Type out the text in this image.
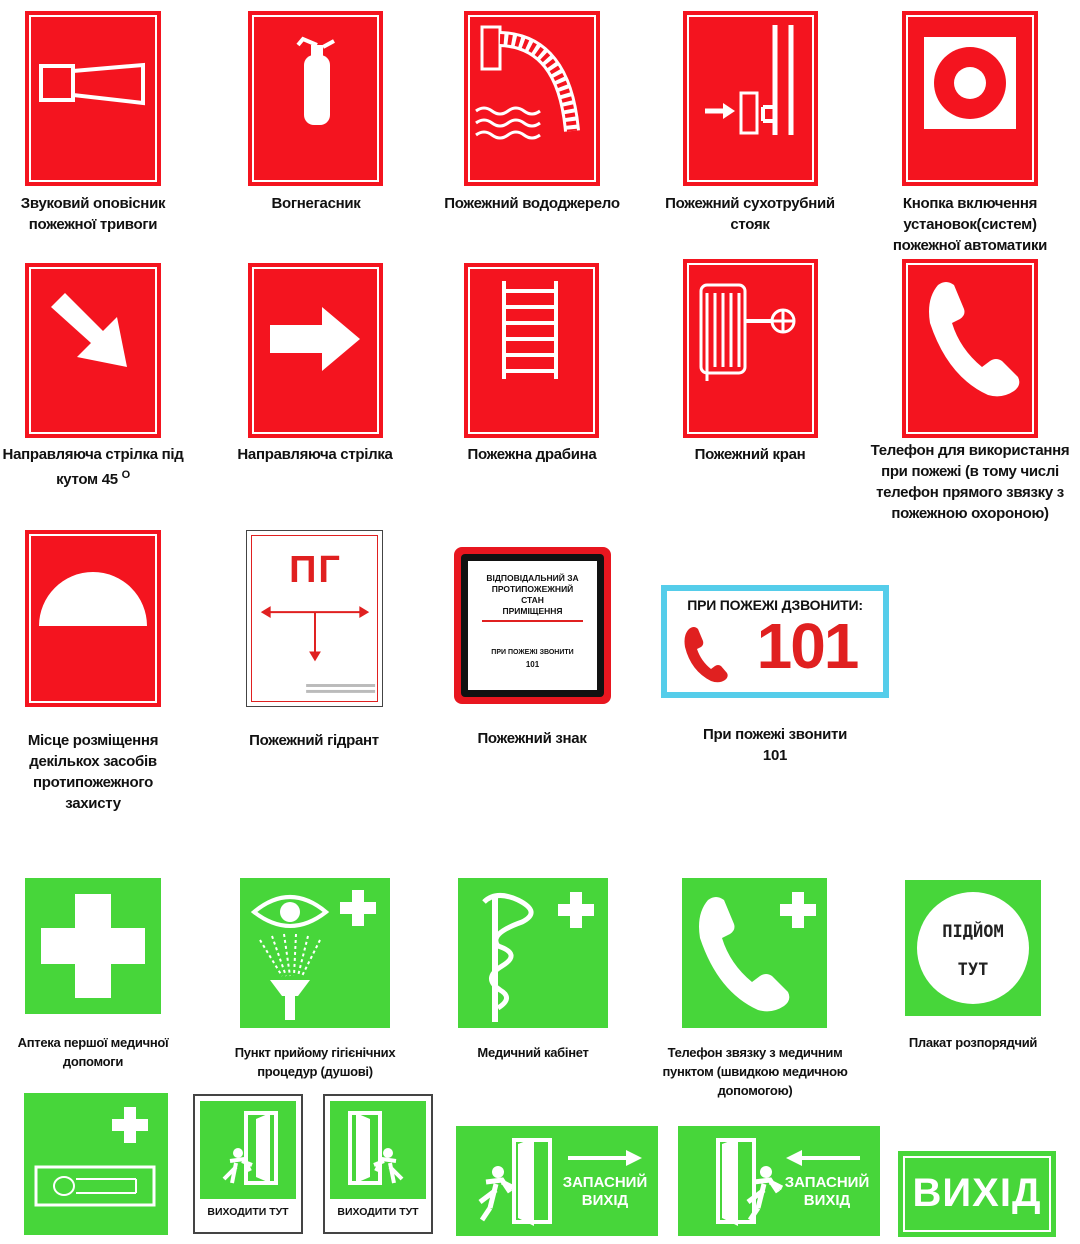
Звуковий оповісник пожежної тривоги
Вогнегасник	Пожежний вододжерело	Пожежний сухотрубний стояк
Кнопка включення установок(систем) пожежної автоматики
Направляюча стрілка під кутом 45 $^O$
Направляюча стрілка	Пожежна драбина	Пожежний кран	Телефон для використання при пожежі (в тому числі телефон прямого звязку з пожежною охороною)
Місце розміщення декількох засобів протипожежного захисту
ПГ
Пожежний гідрант
ВІДПОВІДАЛЬНИЙ ЗА
ПРОТИПОЖЕЖНИЙ
СТАН
ПРИМІЩЕННЯ
ПРИ ПОЖЕЖІ ЗВОНИТИ
101
Пожежний знак
ПРИ ПОЖЕЖІ ДЗВОНИТИ:
101
При пожежі звонити 101
Аптека першої медичної допомоги
Пункт прийому гігієнічних процедур (душові)
Медичний кабінет	Телефон звязку з медичним пунктом (швидкою медичною допомогою)
ПІДЙОМ
ТУТ
Плакат розпорядчий
ВИХОДИТИ ТУТ	ВИХОДИТИ ТУТ
ЗАПАСНИЙ
ВИХІД
ЗАПАСНИЙ
ВИХІД	ВИХІД
